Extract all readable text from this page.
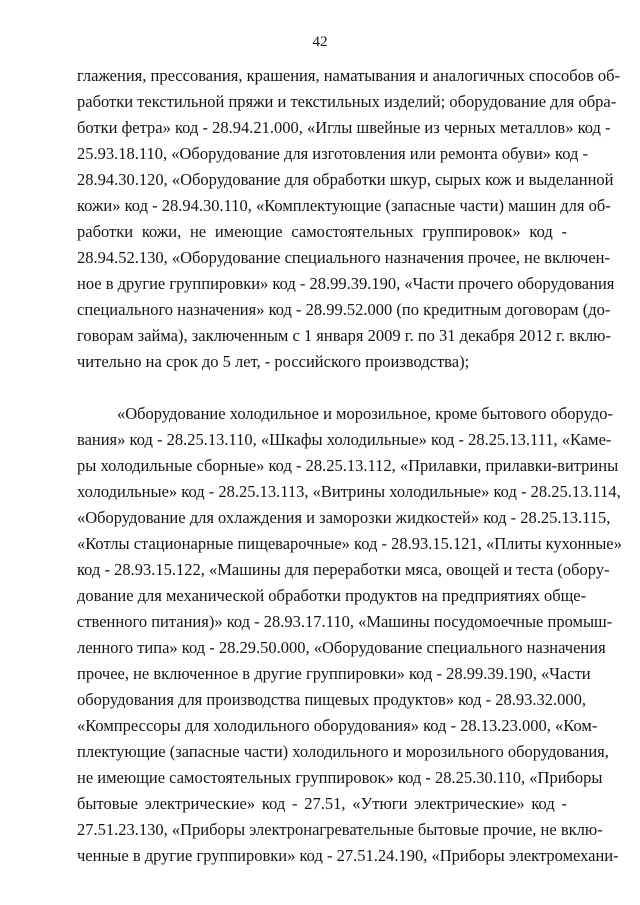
42
глажения, прессования, крашения, наматывания и аналогичных способов об-
работки текстильной пряжи и текстильных изделий; оборудование для обра-
ботки фетра» код - 28.94.21.000, «Иглы швейные из черных металлов» код -
25.93.18.110, «Оборудование для изготовления или ремонта обуви» код -
28.94.30.120, «Оборудование для обработки шкур, сырых кож и выделанной
кожи» код - 28.94.30.110, «Комплектующие (запасные части) машин для об-
работки кожи, не имеющие самостоятельных группировок» код -
28.94.52.130, «Оборудование специального назначения прочее, не включен-
ное в другие группировки» код - 28.99.39.190, «Части прочего оборудования
специального назначения» код - 28.99.52.000 (по кредитным договорам (до-
говорам займа), заключенным с 1 января 2009 г. по 31 декабря 2012 г. вклю-
чительно на срок до 5 лет, - российского производства);
«Оборудование холодильное и морозильное, кроме бытового оборудо-
вания» код - 28.25.13.110, «Шкафы холодильные» код - 28.25.13.111, «Каме-
ры холодильные сборные» код - 28.25.13.112, «Прилавки, прилавки-витрины
холодильные» код - 28.25.13.113, «Витрины холодильные» код - 28.25.13.114,
«Оборудование для охлаждения и заморозки жидкостей» код - 28.25.13.115,
«Котлы стационарные пищеварочные» код - 28.93.15.121, «Плиты кухонные»
код - 28.93.15.122, «Машины для переработки мяса, овощей и теста (обору-
дование для механической обработки продуктов на предприятиях обще-
ственного питания)» код - 28.93.17.110, «Машины посудомоечные промыш-
ленного типа» код - 28.29.50.000, «Оборудование специального назначения
прочее, не включенное в другие группировки» код - 28.99.39.190, «Части
оборудования для производства пищевых продуктов» код - 28.93.32.000,
«Компрессоры для холодильного оборудования» код - 28.13.23.000, «Ком-
плектующие (запасные части) холодильного и морозильного оборудования,
не имеющие самостоятельных группировок» код - 28.25.30.110, «Приборы
бытовые электрические» код - 27.51, «Утюги электрические» код -
27.51.23.130, «Приборы электронагревательные бытовые прочие, не вклю-
ченные в другие группировки» код - 27.51.24.190, «Приборы электромехани-
